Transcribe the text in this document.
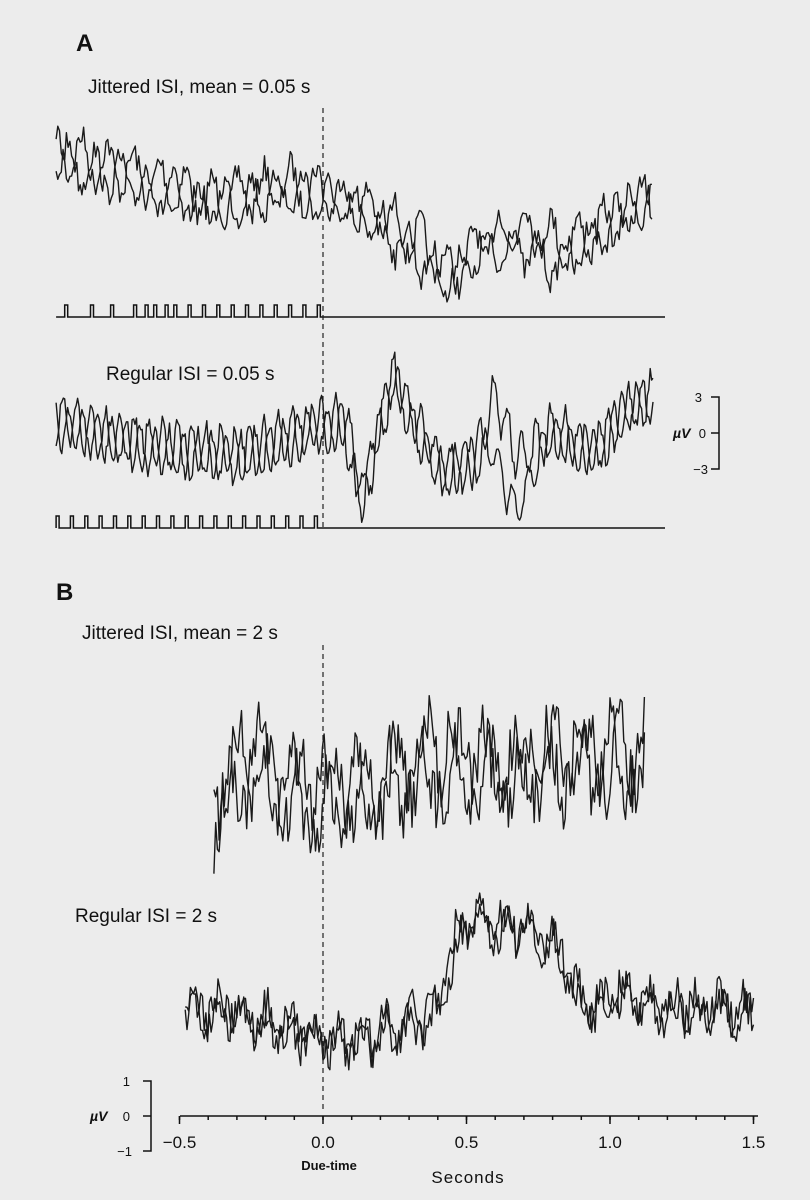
A
Jittered ISI, mean = 0.05 s
Regular ISI = 0.05 s
3
0
−3
µV
B
Jittered ISI, mean = 2 s
Regular ISI = 2 s
1
0
−1
µV
−0.5	0.0	0.5	1.0	1.5
Due-time
Seconds
